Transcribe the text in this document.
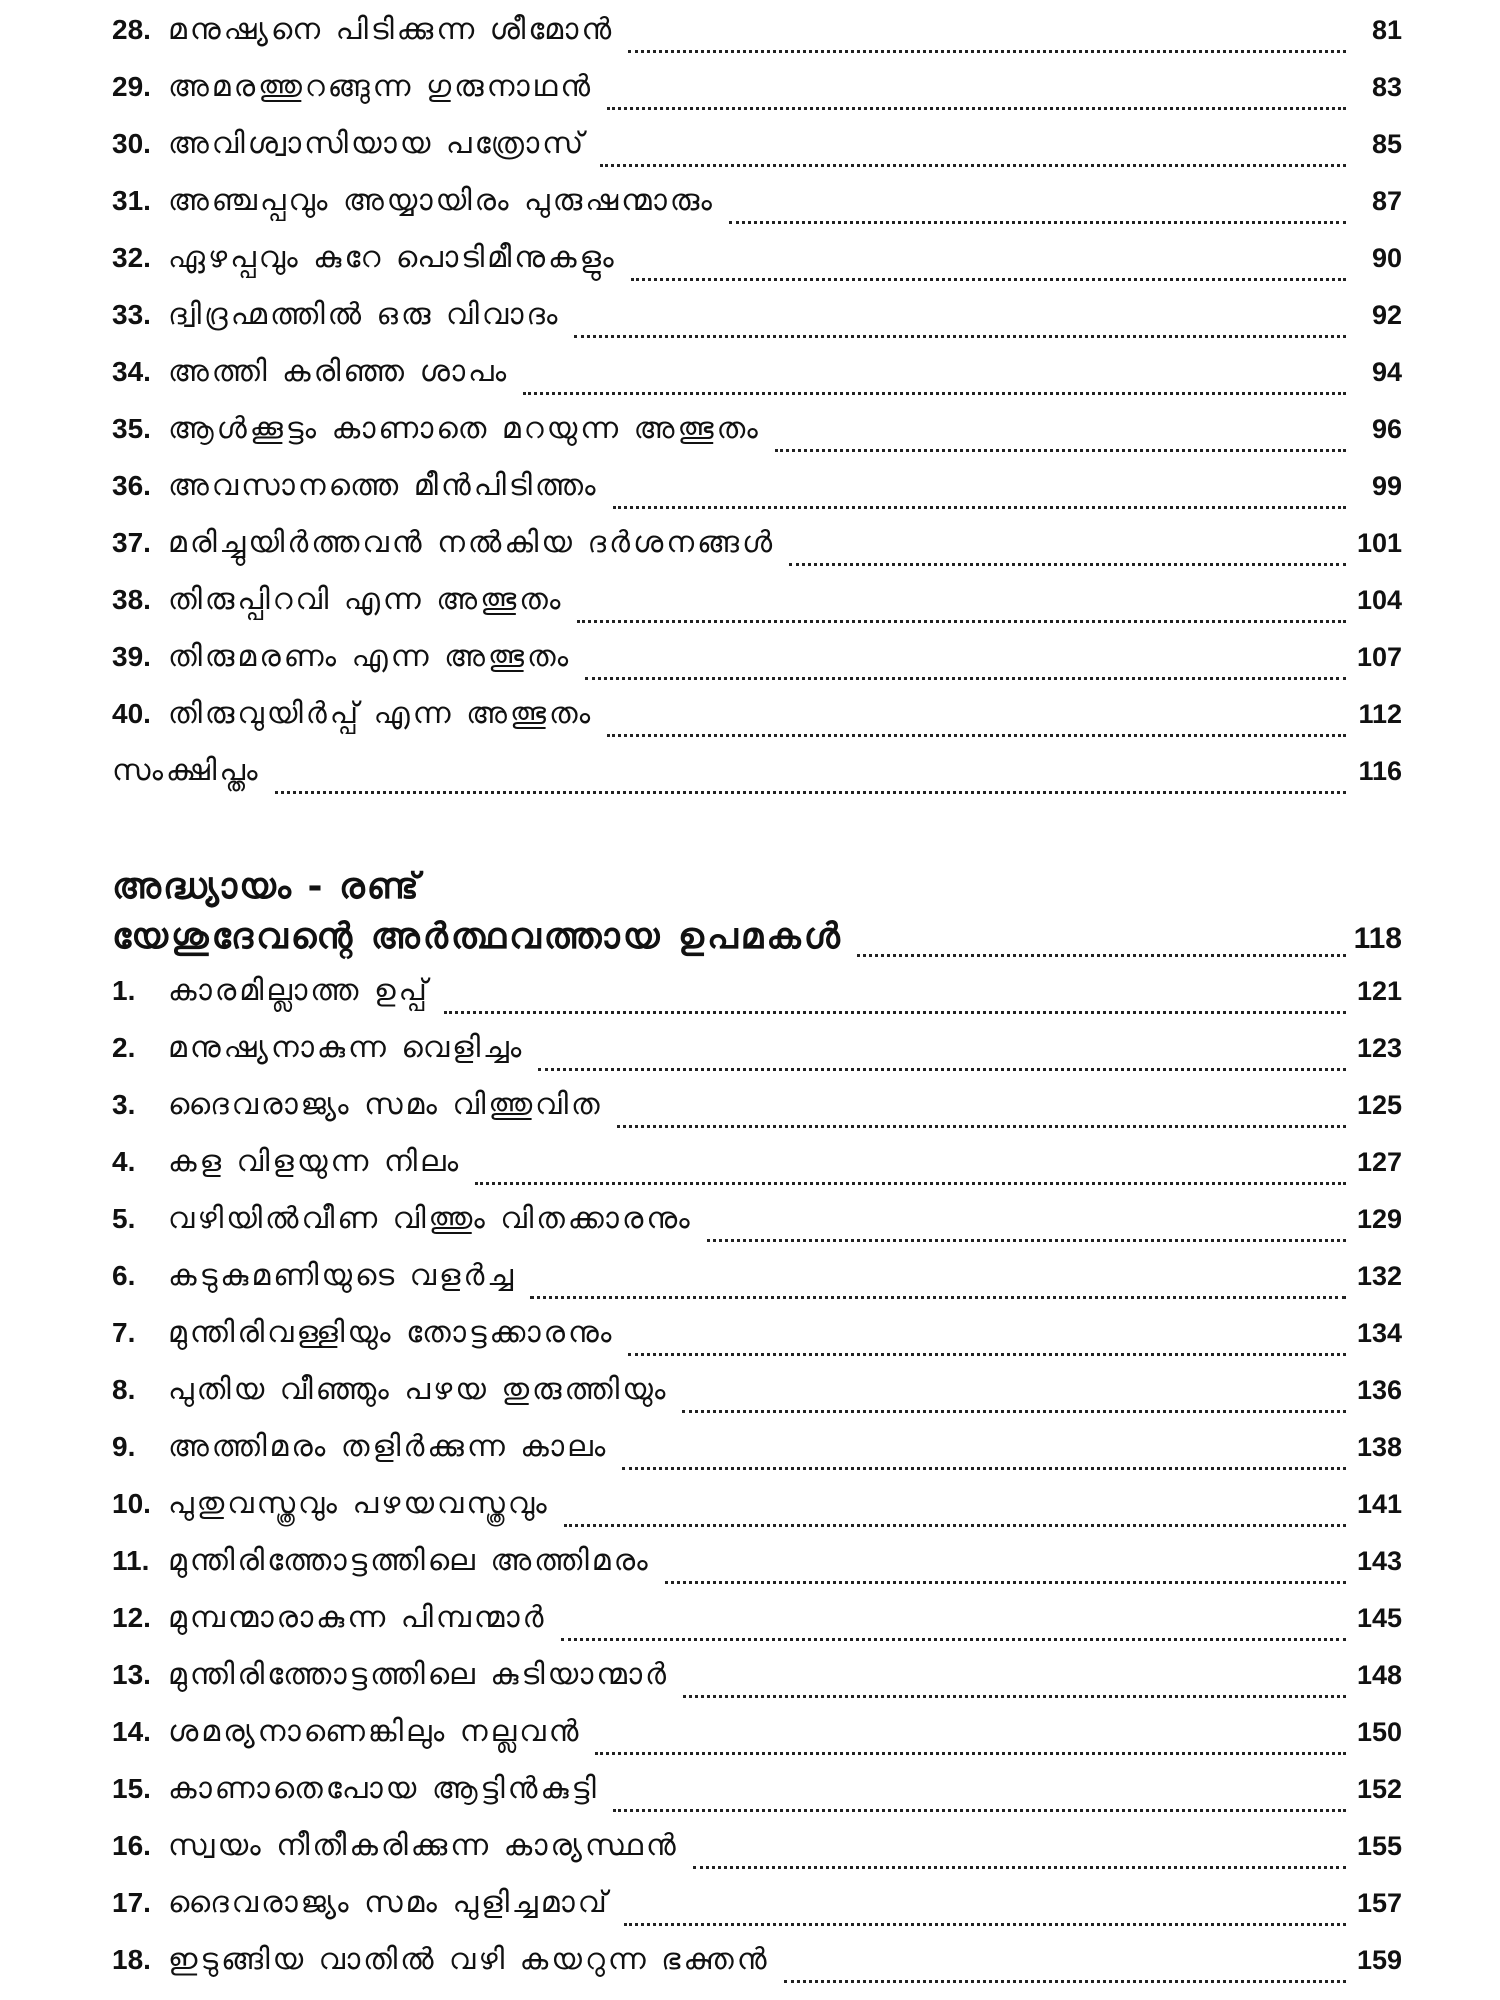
28. മനുഷ്യനെ പിടിക്കുന്ന ശീമോൻ	81
29. അമരത്തുറങ്ങുന്ന ഗുരുനാഥൻ	83
30. അവിശ്വാസിയായ പത്രോസ്	85
31. അഞ്ചപ്പവും അയ്യായിരം പുരുഷന്മാരും	87
32. ഏഴപ്പവും കുറേ പൊടിമീനുകളും	90
33. ദ്വിദ്രഹ്മത്തിൽ ഒരു വിവാദം	92
34. അത്തി കരിഞ്ഞ ശാപം	94
35. ആൾക്കൂട്ടം കാണാതെ മറയുന്ന അത്ഭുതം	96
36. അവസാനത്തെ മീൻപിടിത്തം	99
37. മരിച്ചുയിർത്തവൻ നൽകിയ ദർശനങ്ങൾ	101
38. തിരുപ്പിറവി എന്ന അത്ഭുതം	104
39. തിരുമരണം എന്ന അത്ഭുതം	107
40. തിരുവുയിർപ്പ് എന്ന അത്ഭുതം	112
സംക്ഷിപ്തം	116
അദ്ധ്യായം - രണ്ട്
യേശുദേവന്റെ അർത്ഥവത്തായ ഉപമകൾ	118
1.	കാരമില്ലാത്ത ഉപ്പ്	121
2.	മനുഷ്യനാകുന്ന വെളിച്ചം	123
3.	ദൈവരാജ്യം സമം വിത്തുവിത	125
4.	കള വിളയുന്ന നിലം	127
5.	വഴിയിൽവീണ വിത്തും വിതക്കാരനും	129
6.	കടുകുമണിയുടെ വളർച്ച	132
7.	മുന്തിരിവള്ളിയും തോട്ടക്കാരനും	134
8.	പുതിയ വീഞ്ഞും പഴയ തുരുത്തിയും	136
9.	അത്തിമരം തളിർക്കുന്ന കാലം	138
10. പുതുവസ്ത്രവും പഴയവസ്ത്രവും	141
11. മുന്തിരിത്തോട്ടത്തിലെ അത്തിമരം	143
12. മുമ്പന്മാരാകുന്ന പിമ്പന്മാർ	145
13. മുന്തിരിത്തോട്ടത്തിലെ കുടിയാന്മാർ	148
14. ശമര്യനാണെങ്കിലും നല്ലവൻ	150
15. കാണാതെപോയ ആട്ടിൻകുട്ടി	152
16. സ്വയം നീതീകരിക്കുന്ന കാര്യസ്ഥൻ	155
17. ദൈവരാജ്യം സമം പുളിച്ചമാവ്	157
18. ഇടുങ്ങിയ വാതിൽ വഴി കയറുന്ന ഭക്തൻ	159
